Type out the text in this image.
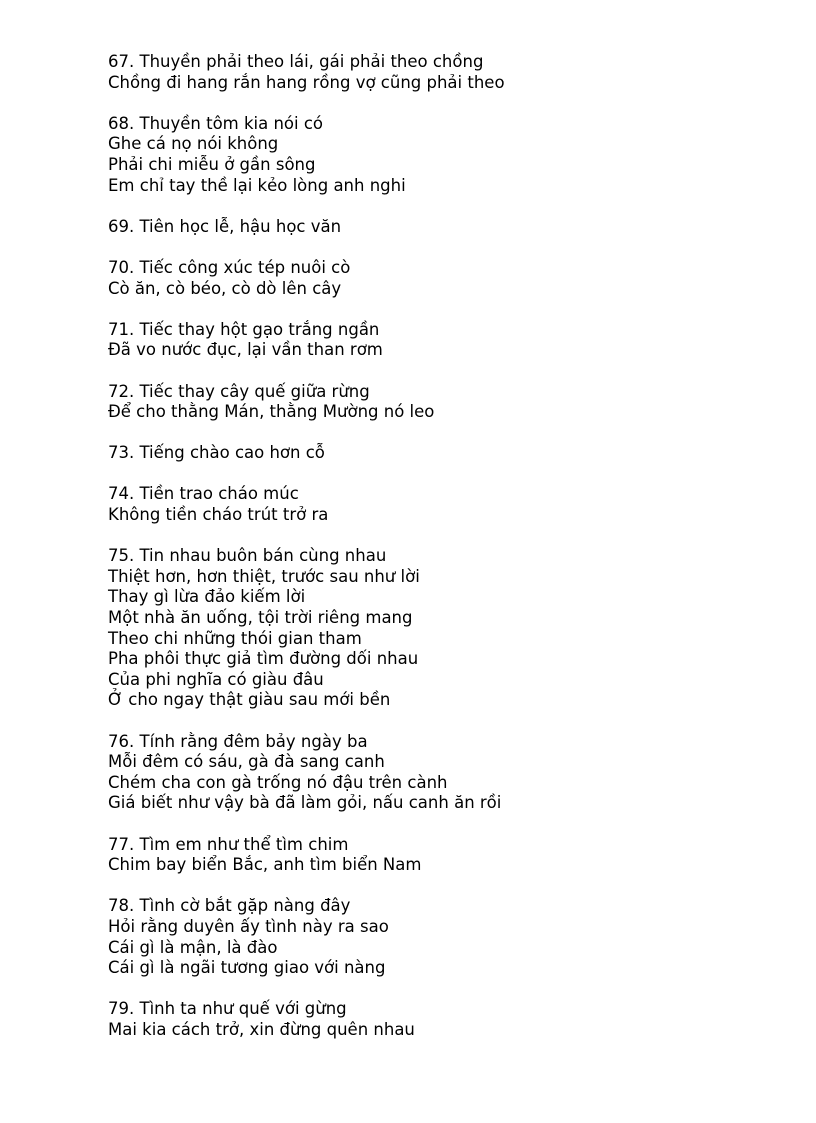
67. Thuyền phải theo lái, gái phải theo chồng
Chồng đi hang rắn hang rồng vợ cũng phải theo
68. Thuyền tôm kia nói có
Ghe cá nọ nói không
Phải chi miễu ở gần sông
Em chỉ tay thề lại kẻo lòng anh nghi
69. Tiên học lễ, hậu học văn
70. Tiếc công xúc tép nuôi cò
Cò ăn, cò béo, cò dò lên cây
71. Tiếc thay hột gạo trắng ngần
Đã vo nước đục, lại vần than rơm
72. Tiếc thay cây quế giữa rừng
Để cho thằng Mán, thằng Mường nó leo
73. Tiếng chào cao hơn cỗ
74. Tiền trao cháo múc
Không tiền cháo trút trở ra
75. Tin nhau buôn bán cùng nhau
Thiệt hơn, hơn thiệt, trước sau như lời
Thay gì lừa đảo kiếm lời
Một nhà ăn uống, tội trời riêng mang
Theo chi những thói gian tham
Pha phôi thực giả tìm đường dối nhau
Của phi nghĩa có giàu đâu
Ở cho ngay thật giàu sau mới bền
76. Tính rằng đêm bảy ngày ba
Mỗi đêm có sáu, gà đà sang canh
Chém cha con gà trống nó đậu trên cành
Giá biết như vậy bà đã làm gỏi, nấu canh ăn rồi
77. Tìm em như thể tìm chim
Chim bay biển Bắc, anh tìm biển Nam
78. Tình cờ bắt gặp nàng đây
Hỏi rằng duyên ấy tình này ra sao
Cái gì là mận, là đào
Cái gì là ngãi tương giao với nàng
79. Tình ta như quế với gừng
Mai kia cách trở, xin đừng quên nhau
